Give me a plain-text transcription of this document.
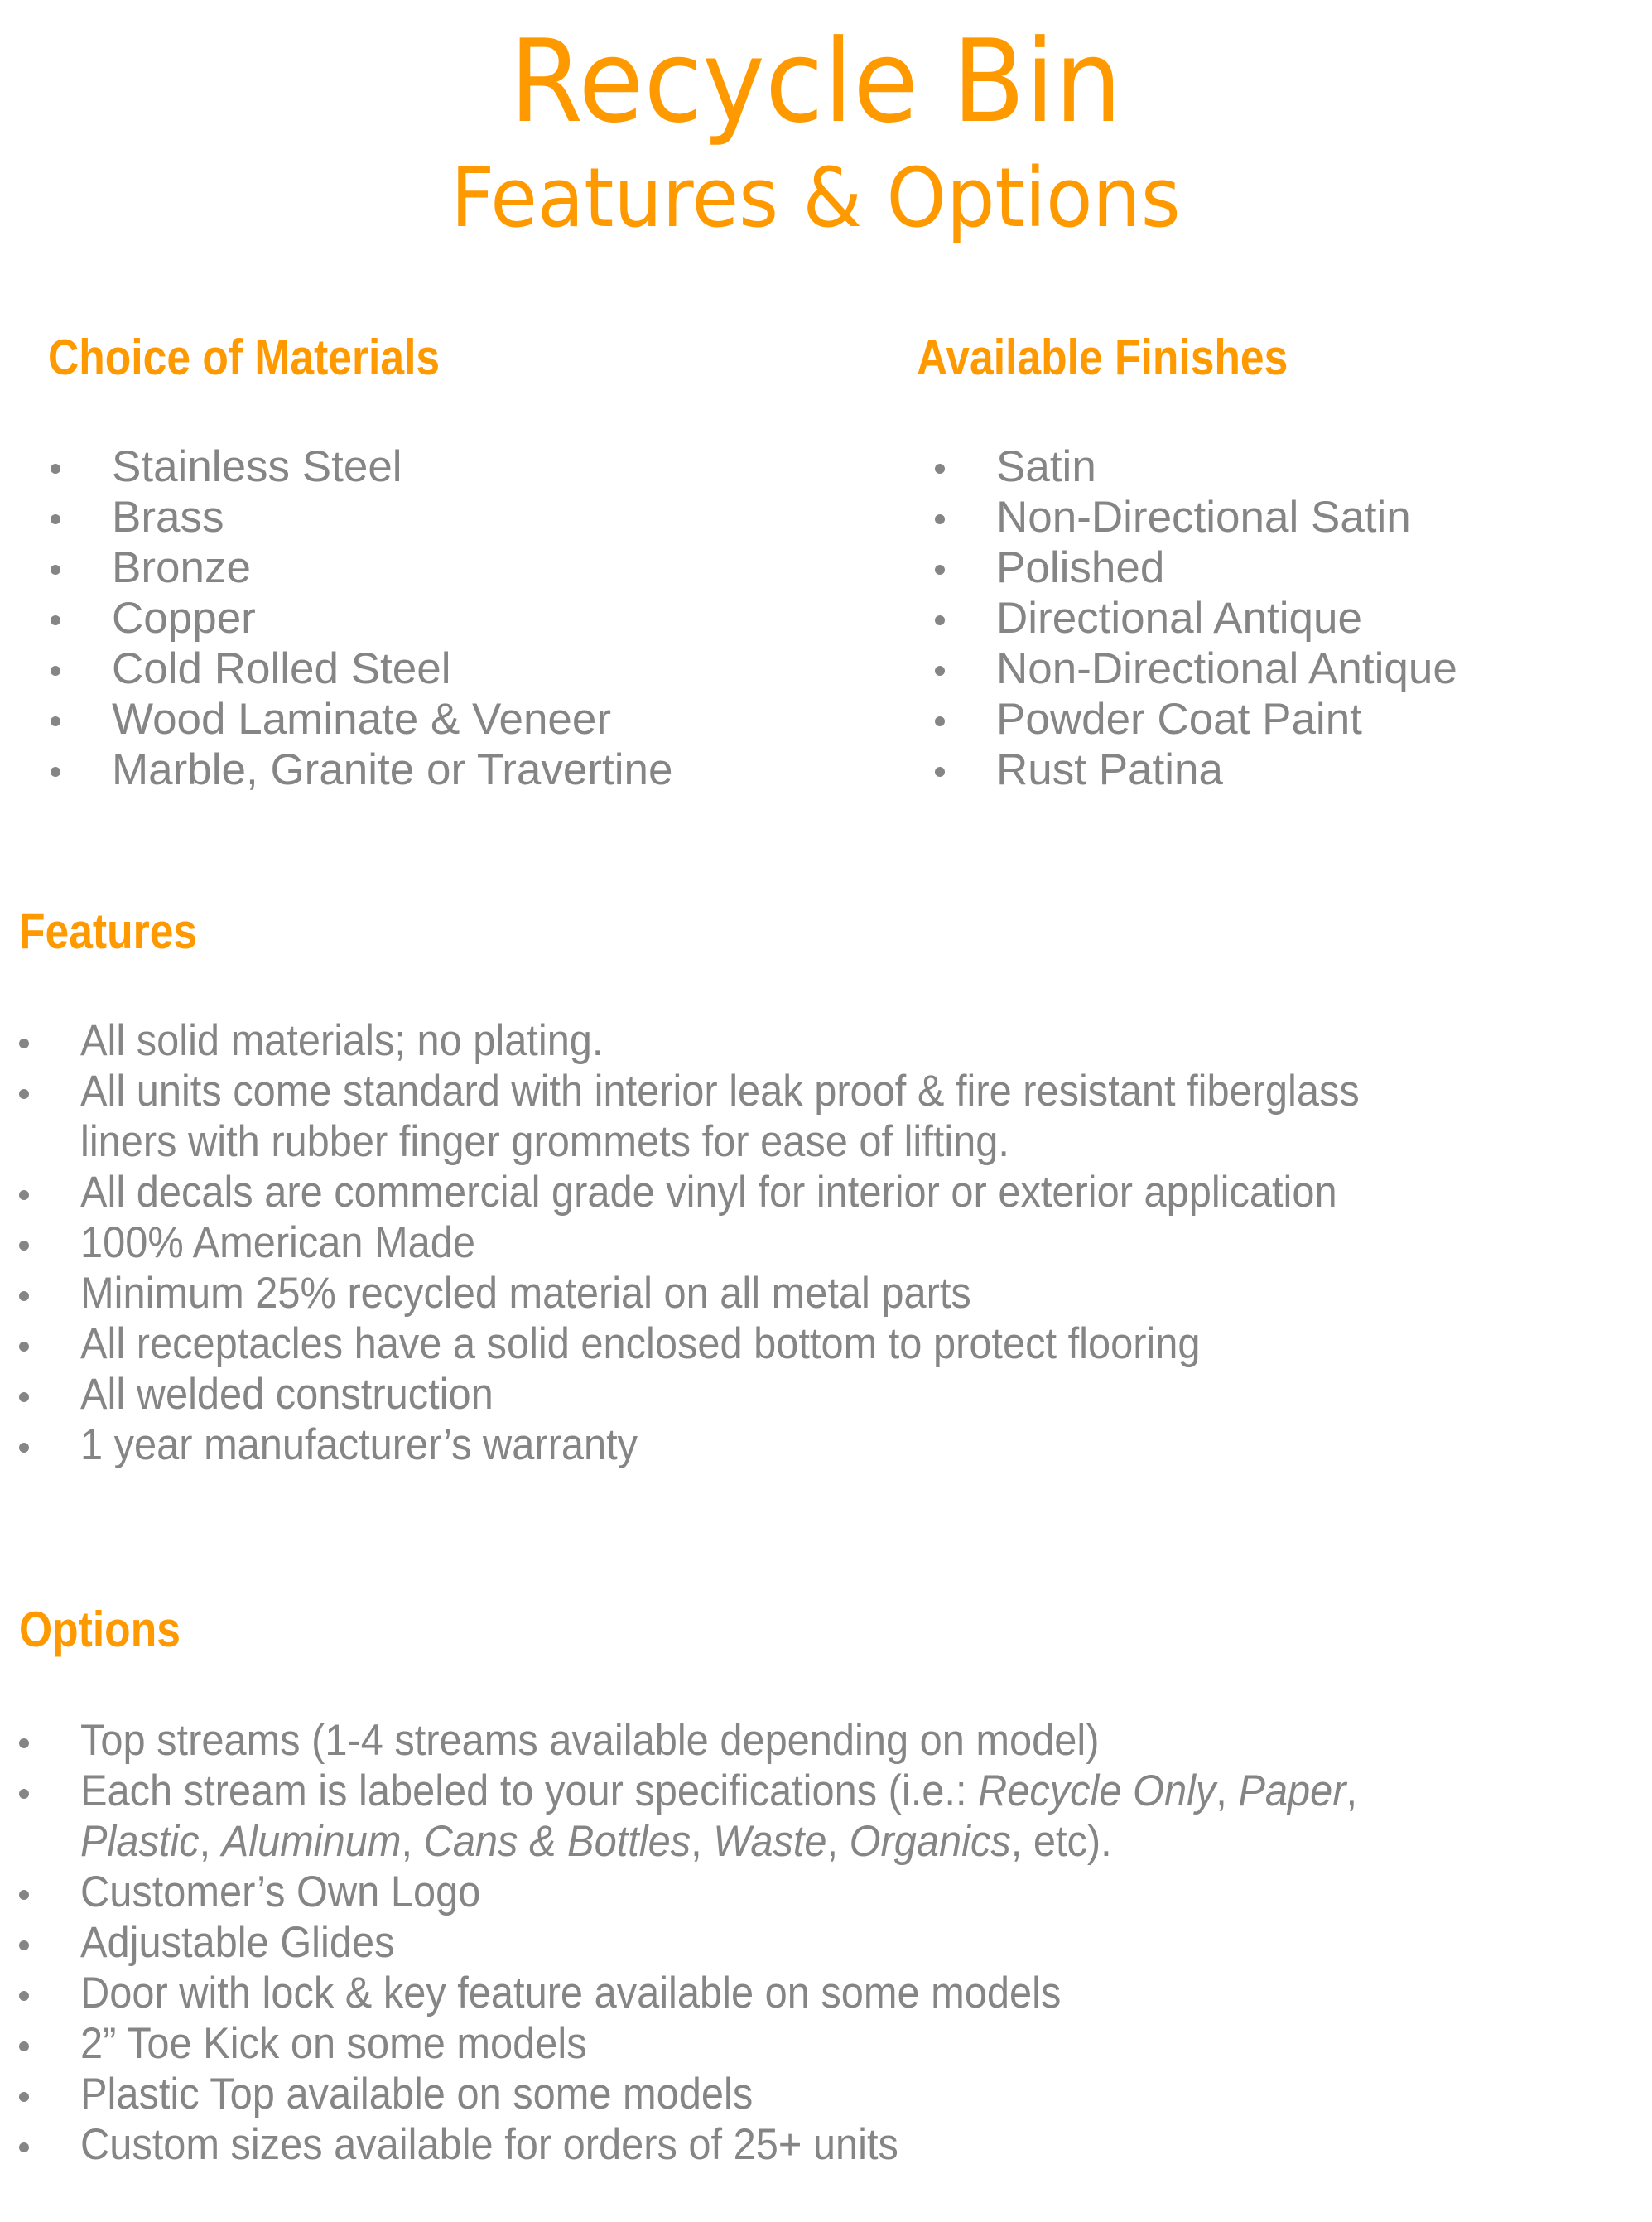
Recycle Bin
Features & Options
Choice of Materials
Stainless Steel
Brass
Bronze
Copper
Cold Rolled Steel
Wood Laminate & Veneer
Marble, Granite or Travertine
Available Finishes
Satin
Non-Directional Satin
Polished
Directional Antique
Non-Directional Antique
Powder Coat Paint
Rust Patina
Features
All solid materials; no plating.
All units come standard with interior leak proof & fire resistant fiberglass
liners with rubber finger grommets for ease of lifting.
All decals are commercial grade vinyl for interior or exterior application
100% American Made
Minimum 25% recycled material on all metal parts
All receptacles have a solid enclosed bottom to protect flooring
All welded construction
1 year manufacturer’s warranty
Options
Top streams (1-4 streams available depending on model)
Each stream is labeled to your specifications (i.e.: Recycle Only, Paper,
Plastic, Aluminum, Cans & Bottles, Waste, Organics, etc).
Customer’s Own Logo
Adjustable Glides
Door with lock & key feature available on some models
2” Toe Kick on some models
Plastic Top available on some models
Custom sizes available for orders of 25+ units
